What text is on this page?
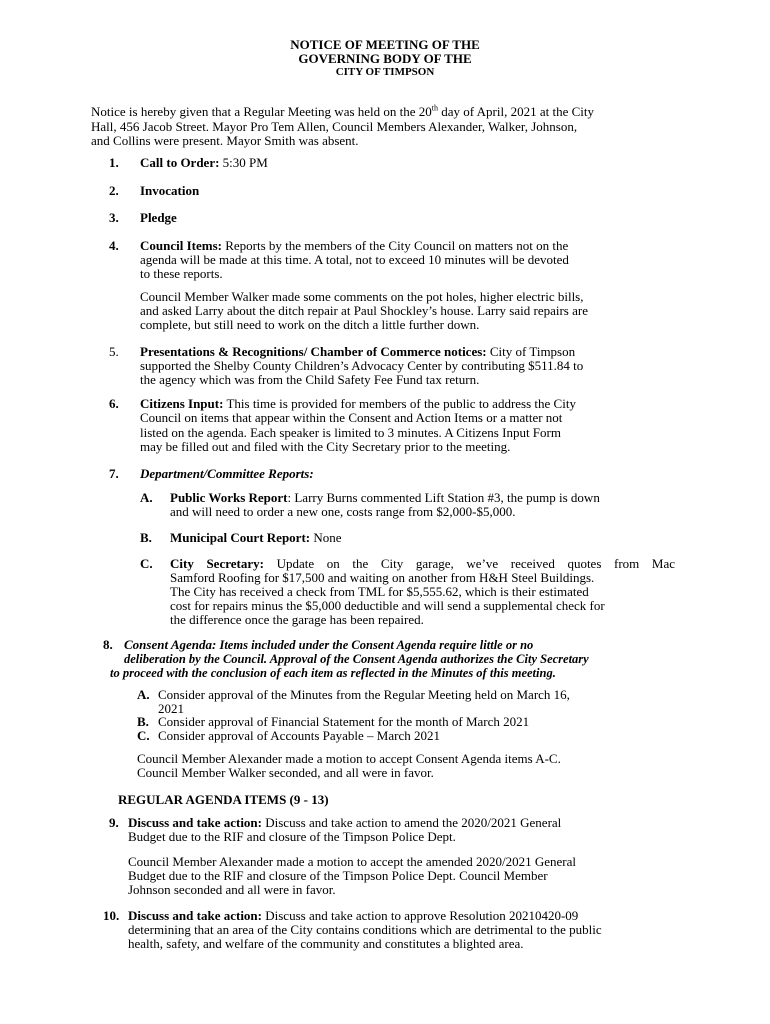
NOTICE OF MEETING OF THE
GOVERNING BODY OF THE
CITY OF TIMPSON
Notice is hereby given that a Regular Meeting was held on the 20th day of April, 2021 at the City
Hall, 456 Jacob Street. Mayor Pro Tem Allen, Council Members Alexander, Walker, Johnson,
and Collins were present. Mayor Smith was absent.
1. Call to Order: 5:30 PM
2. Invocation
3. Pledge
4. Council Items: Reports by the members of the City Council on matters not on the
agenda will be made at this time. A total, not to exceed 10 minutes will be devoted
to these reports.
Council Member Walker made some comments on the pot holes, higher electric bills,
and asked Larry about the ditch repair at Paul Shockley’s house. Larry said repairs are
complete, but still need to work on the ditch a little further down.
5. Presentations & Recognitions/ Chamber of Commerce notices: City of Timpson
supported the Shelby County Children’s Advocacy Center by contributing $511.84 to
the agency which was from the Child Safety Fee Fund tax return.
6. Citizens Input: This time is provided for members of the public to address the City
Council on items that appear within the Consent and Action Items or a matter not
listed on the agenda. Each speaker is limited to 3 minutes. A Citizens Input Form
may be filled out and filed with the City Secretary prior to the meeting.
7. Department/Committee Reports:
A. Public Works Report: Larry Burns commented Lift Station #3, the pump is down
and will need to order a new one, costs range from $2,000-$5,000.
B. Municipal Court Report: None
C. City Secretary: Update on the City garage, we’ve received quotes from Mac
Samford Roofing for $17,500 and waiting on another from H&H Steel Buildings.
The City has received a check from TML for $5,555.62, which is their estimated
cost for repairs minus the $5,000 deductible and will send a supplemental check for
the difference once the garage has been repaired.
8. Consent Agenda: Items included under the Consent Agenda require little or no
deliberation by the Council. Approval of the Consent Agenda authorizes the City Secretary
to proceed with the conclusion of each item as reflected in the Minutes of this meeting.
A. Consider approval of the Minutes from the Regular Meeting held on March 16,
2021
B. Consider approval of Financial Statement for the month of March 2021
C. Consider approval of Accounts Payable – March 2021
Council Member Alexander made a motion to accept Consent Agenda items A-C.
Council Member Walker seconded, and all were in favor.
REGULAR AGENDA ITEMS (9 - 13)
9. Discuss and take action: Discuss and take action to amend the 2020/2021 General
Budget due to the RIF and closure of the Timpson Police Dept.
Council Member Alexander made a motion to accept the amended 2020/2021 General
Budget due to the RIF and closure of the Timpson Police Dept. Council Member
Johnson seconded and all were in favor.
10. Discuss and take action: Discuss and take action to approve Resolution 20210420-09
determining that an area of the City contains conditions which are detrimental to the public
health, safety, and welfare of the community and constitutes a blighted area.
